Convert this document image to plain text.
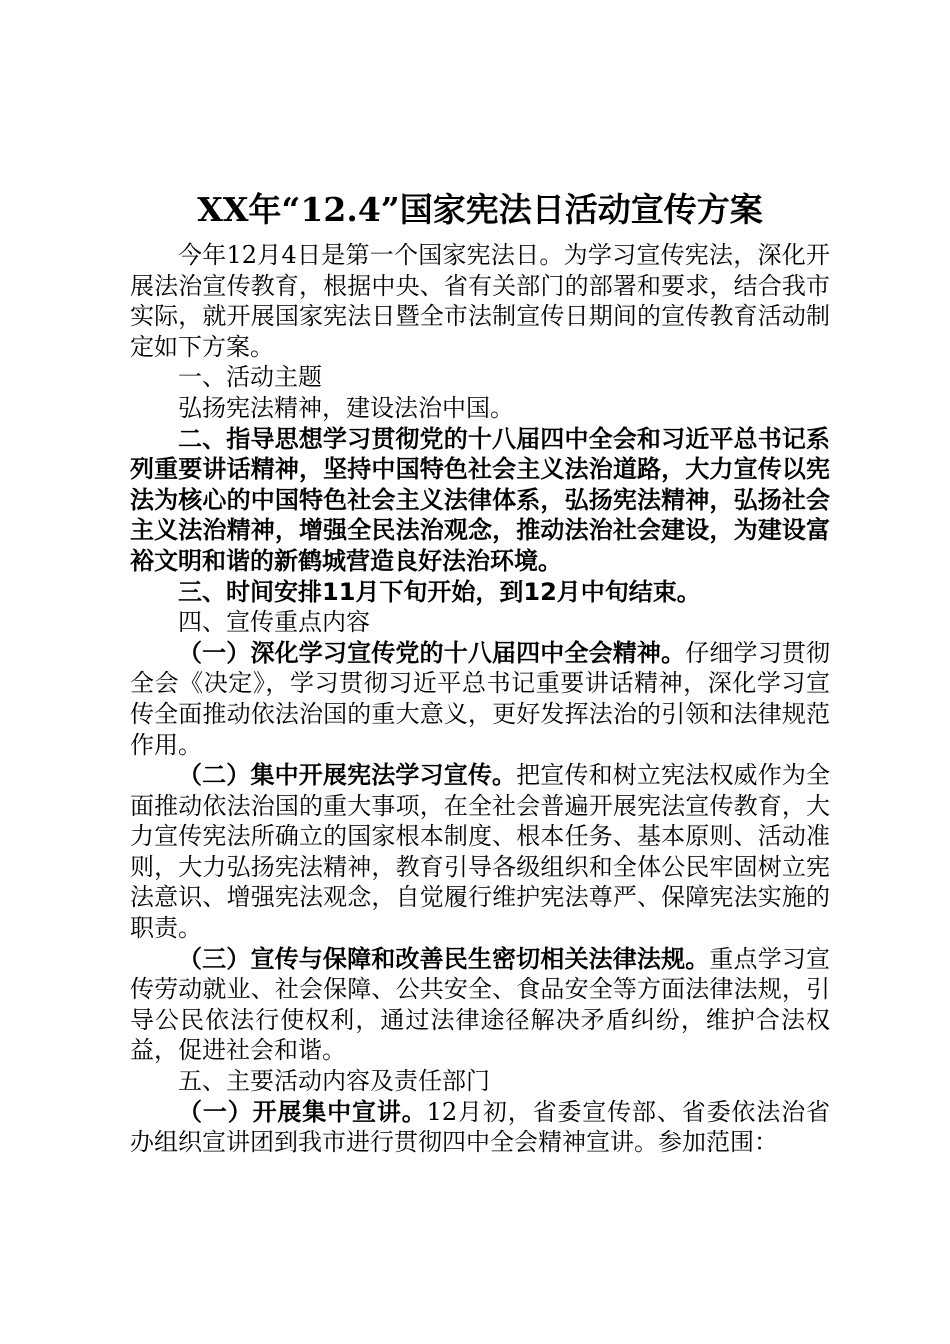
XX年“12.4”国家宪法日活动宣传方案

今年12月4日是第一个国家宪法日。为学习宣传宪法，深化开展法治宣传教育，根据中央、省有关部门的部署和要求，结合我市实际，就开展国家宪法日暨全市法制宣传日期间的宣传教育活动制定如下方案。

一、活动主题

弘扬宪法精神，建设法治中国。

二、指导思想学习贯彻党的十八届四中全会和习近平总书记系列重要讲话精神，坚持中国特色社会主义法治道路，大力宣传以宪法为核心的中国特色社会主义法律体系，弘扬宪法精神，弘扬社会主义法治精神，增强全民法治观念，推动法治社会建设，为建设富裕文明和谐的新鹤城营造良好法治环境。

三、时间安排11月下旬开始，到12月中旬结束。

四、宣传重点内容

（一）深化学习宣传党的十八届四中全会精神。仔细学习贯彻全会《决定》，学习贯彻习近平总书记重要讲话精神，深化学习宣传全面推动依法治国的重大意义，更好发挥法治的引领和法律规范作用。

（二）集中开展宪法学习宣传。把宣传和树立宪法权威作为全面推动依法治国的重大事项，在全社会普遍开展宪法宣传教育，大力宣传宪法所确立的国家根本制度、根本任务、基本原则、活动准则，大力弘扬宪法精神，教育引导各级组织和全体公民牢固树立宪法意识、增强宪法观念，自觉履行维护宪法尊严、保障宪法实施的职责。

（三）宣传与保障和改善民生密切相关法律法规。重点学习宣传劳动就业、社会保障、公共安全、食品安全等方面法律法规，引导公民依法行使权利，通过法律途径解决矛盾纠纷，维护合法权益，促进社会和谐。

五、主要活动内容及责任部门

（一）开展集中宣讲。12月初，省委宣传部、省委依法治省办组织宣讲团到我市进行贯彻四中全会精神宣讲。参加范围：
